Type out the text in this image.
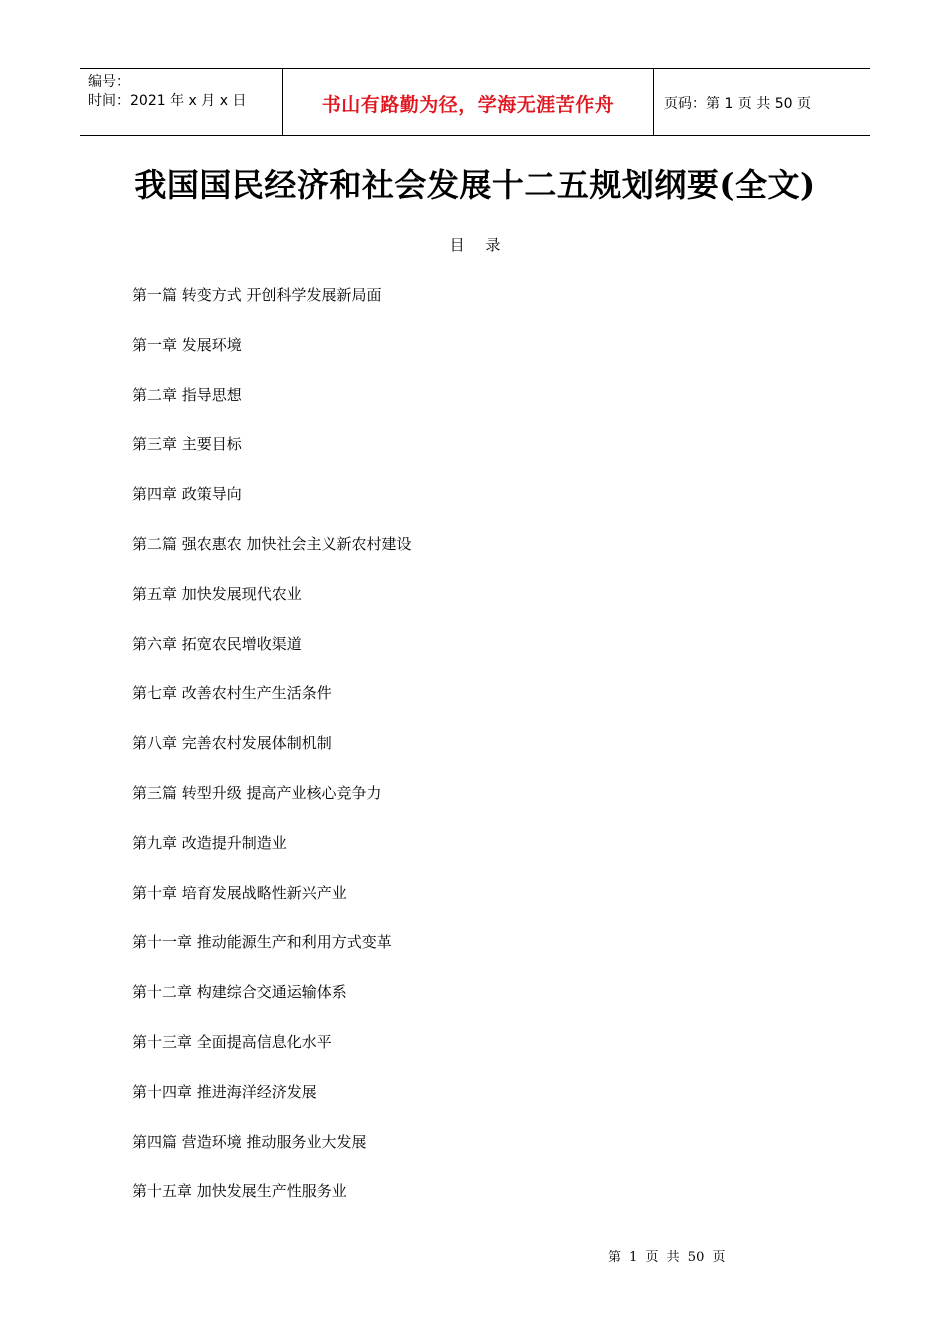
编号：
时间：2021 年 x 月 x 日	书山有路勤为径，学海无涯苦作舟	页码：第 1 页 共 50 页
我国国民经济和社会发展十二五规划纲要(全文)
目 录
第一篇 转变方式 开创科学发展新局面
第一章 发展环境
第二章 指导思想
第三章 主要目标
第四章 政策导向
第二篇 强农惠农 加快社会主义新农村建设
第五章 加快发展现代农业
第六章 拓宽农民增收渠道
第七章 改善农村生产生活条件
第八章 完善农村发展体制机制
第三篇 转型升级 提高产业核心竞争力
第九章 改造提升制造业
第十章 培育发展战略性新兴产业
第十一章 推动能源生产和利用方式变革
第十二章 构建综合交通运输体系
第十三章 全面提高信息化水平
第十四章 推进海洋经济发展
第四篇 营造环境 推动服务业大发展
第十五章 加快发展生产性服务业
第 1 页 共 50 页
